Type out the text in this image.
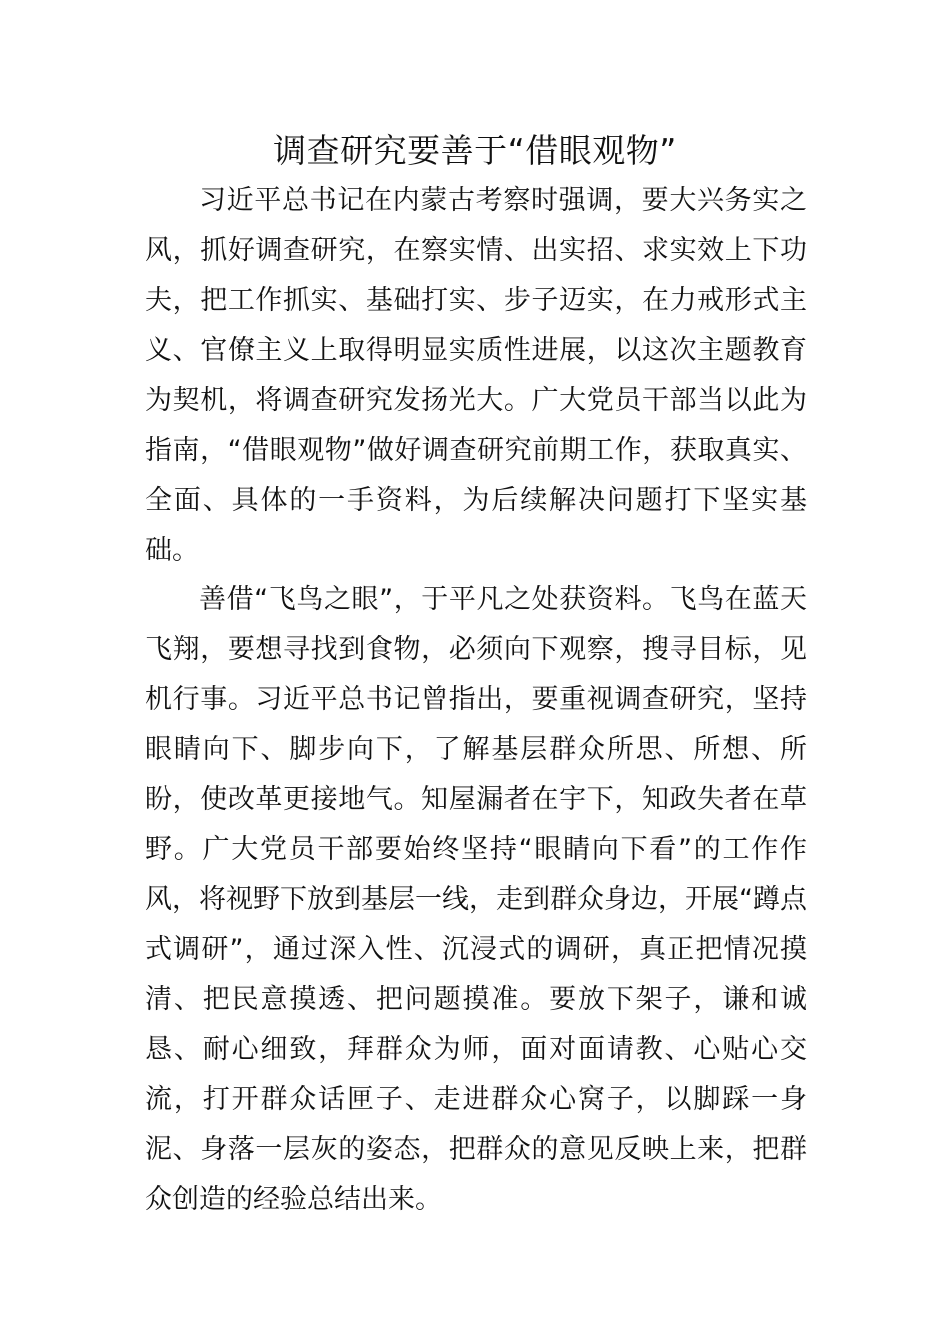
调查研究要善于“借眼观物”

习近平总书记在内蒙古考察时强调，要大兴务实之风，抓好调查研究，在察实情、出实招、求实效上下功夫，把工作抓实、基础打实、步子迈实，在力戒形式主义、官僚主义上取得明显实质性进展，以这次主题教育为契机，将调查研究发扬光大。广大党员干部当以此为指南，“借眼观物”做好调查研究前期工作，获取真实、全面、具体的一手资料，为后续解决问题打下坚实基础。

善借“飞鸟之眼”，于平凡之处获资料。飞鸟在蓝天飞翔，要想寻找到食物，必须向下观察，搜寻目标，见机行事。习近平总书记曾指出，要重视调查研究，坚持眼睛向下、脚步向下，了解基层群众所思、所想、所盼，使改革更接地气。知屋漏者在宇下，知政失者在草野。广大党员干部要始终坚持“眼睛向下看”的工作作风，将视野下放到基层一线，走到群众身边，开展“蹲点式调研”，通过深入性、沉浸式的调研，真正把情况摸清、把民意摸透、把问题摸准。要放下架子，谦和诚恳、耐心细致，拜群众为师，面对面请教、心贴心交流，打开群众话匣子、走进群众心窝子，以脚踩一身泥、身落一层灰的姿态，把群众的意见反映上来，把群众创造的经验总结出来。
